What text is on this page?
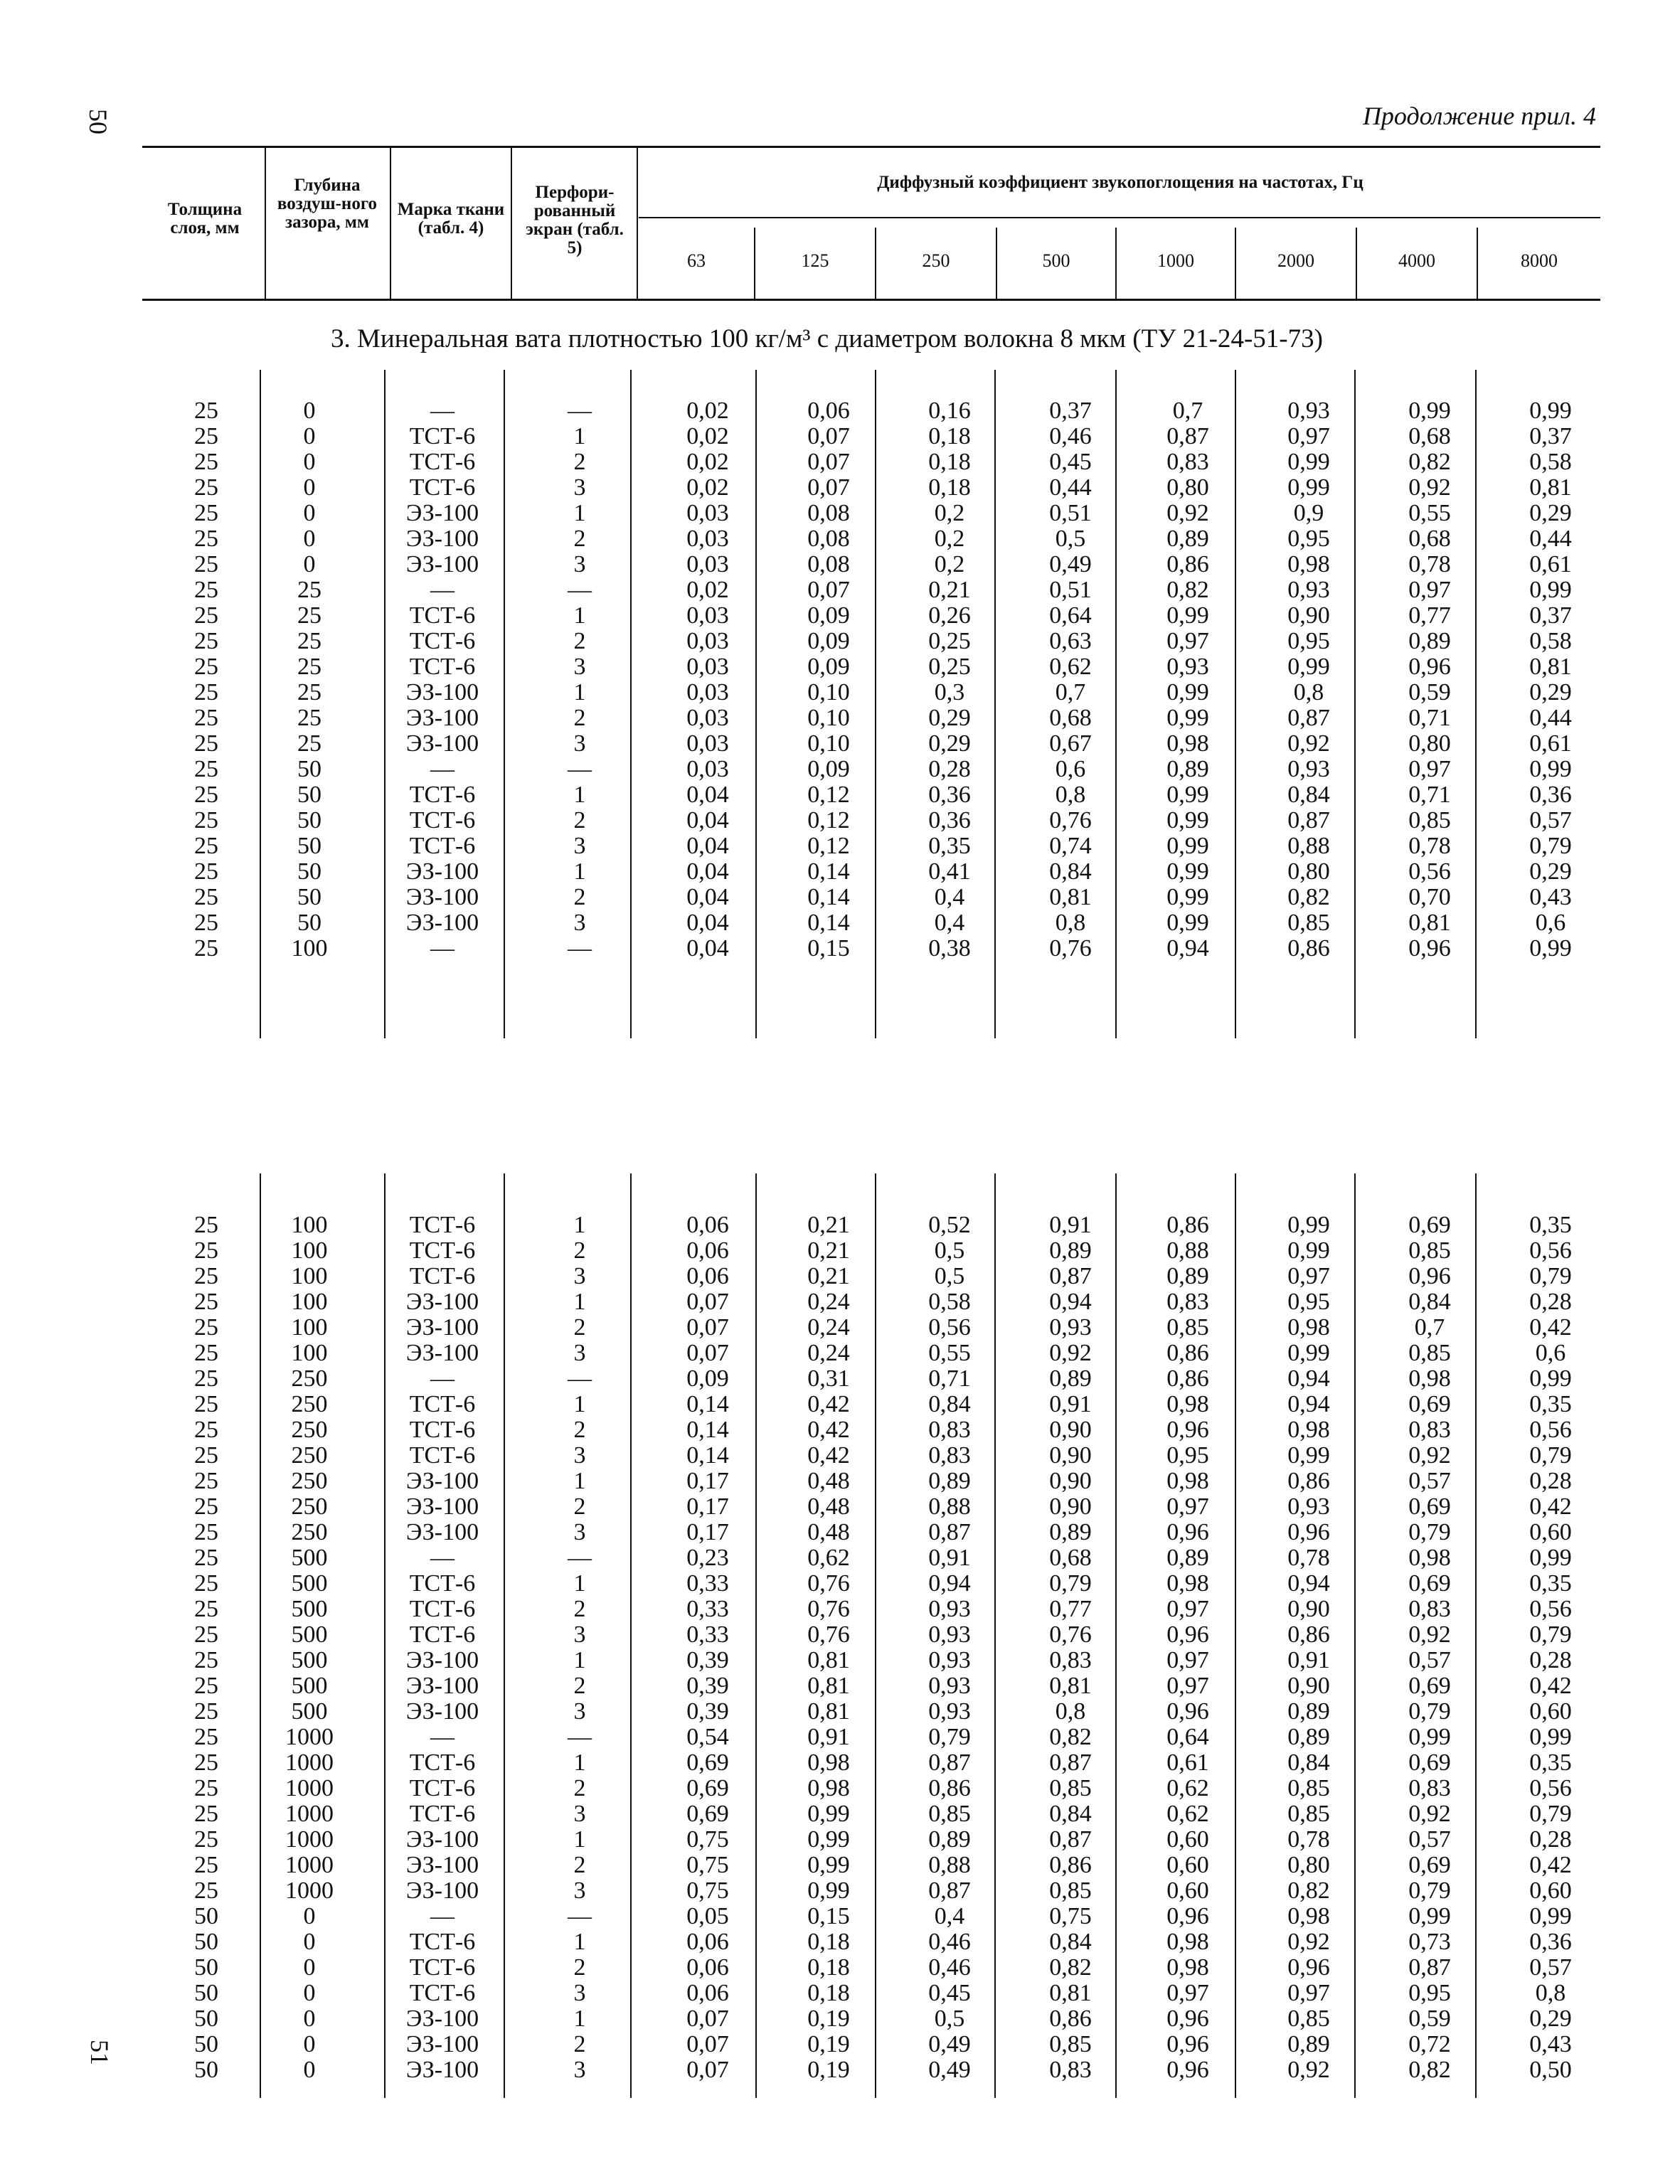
50
51
Продолжение прил. 4
Толщина слоя, мм
Глубина воздуш-ного зазора, мм
Марка ткани (табл. 4)
Перфори-рованный экран (табл. 5)
Диффузный коэффициент звукопоглощения на частотах, Гц
63	125	250	500	1000	2000	4000	8000
3. Минеральная вата плотностью 100 кг/м³ с диаметром волокна 8 мкм (ТУ 21-24-51-73)
25	0	—	—	0,02	0,06	0,16	0,37	0,7	0,93	0,99	0,99
25	0	ТСТ-6	1	0,02	0,07	0,18	0,46	0,87	0,97	0,68	0,37
25	0	ТСТ-6	2	0,02	0,07	0,18	0,45	0,83	0,99	0,82	0,58
25	0	ТСТ-6	3	0,02	0,07	0,18	0,44	0,80	0,99	0,92	0,81
25	0	ЭЗ-100	1	0,03	0,08	0,2	0,51	0,92	0,9	0,55	0,29
25	0	ЭЗ-100	2	0,03	0,08	0,2	0,5	0,89	0,95	0,68	0,44
25	0	ЭЗ-100	3	0,03	0,08	0,2	0,49	0,86	0,98	0,78	0,61
25	25	—	—	0,02	0,07	0,21	0,51	0,82	0,93	0,97	0,99
25	25	ТСТ-6	1	0,03	0,09	0,26	0,64	0,99	0,90	0,77	0,37
25	25	ТСТ-6	2	0,03	0,09	0,25	0,63	0,97	0,95	0,89	0,58
25	25	ТСТ-6	3	0,03	0,09	0,25	0,62	0,93	0,99	0,96	0,81
25	25	ЭЗ-100	1	0,03	0,10	0,3	0,7	0,99	0,8	0,59	0,29
25	25	ЭЗ-100	2	0,03	0,10	0,29	0,68	0,99	0,87	0,71	0,44
25	25	ЭЗ-100	3	0,03	0,10	0,29	0,67	0,98	0,92	0,80	0,61
25	50	—	—	0,03	0,09	0,28	0,6	0,89	0,93	0,97	0,99
25	50	ТСТ-6	1	0,04	0,12	0,36	0,8	0,99	0,84	0,71	0,36
25	50	ТСТ-6	2	0,04	0,12	0,36	0,76	0,99	0,87	0,85	0,57
25	50	ТСТ-6	3	0,04	0,12	0,35	0,74	0,99	0,88	0,78	0,79
25	50	ЭЗ-100	1	0,04	0,14	0,41	0,84	0,99	0,80	0,56	0,29
25	50	ЭЗ-100	2	0,04	0,14	0,4	0,81	0,99	0,82	0,70	0,43
25	50	ЭЗ-100	3	0,04	0,14	0,4	0,8	0,99	0,85	0,81	0,6
25	100	—	—	0,04	0,15	0,38	0,76	0,94	0,86	0,96	0,99
25	100	ТСТ-6	1	0,06	0,21	0,52	0,91	0,86	0,99	0,69	0,35
25	100	ТСТ-6	2	0,06	0,21	0,5	0,89	0,88	0,99	0,85	0,56
25	100	ТСТ-6	3	0,06	0,21	0,5	0,87	0,89	0,97	0,96	0,79
25	100	ЭЗ-100	1	0,07	0,24	0,58	0,94	0,83	0,95	0,84	0,28
25	100	ЭЗ-100	2	0,07	0,24	0,56	0,93	0,85	0,98	0,7	0,42
25	100	ЭЗ-100	3	0,07	0,24	0,55	0,92	0,86	0,99	0,85	0,6
25	250	—	—	0,09	0,31	0,71	0,89	0,86	0,94	0,98	0,99
25	250	ТСТ-6	1	0,14	0,42	0,84	0,91	0,98	0,94	0,69	0,35
25	250	ТСТ-6	2	0,14	0,42	0,83	0,90	0,96	0,98	0,83	0,56
25	250	ТСТ-6	3	0,14	0,42	0,83	0,90	0,95	0,99	0,92	0,79
25	250	ЭЗ-100	1	0,17	0,48	0,89	0,90	0,98	0,86	0,57	0,28
25	250	ЭЗ-100	2	0,17	0,48	0,88	0,90	0,97	0,93	0,69	0,42
25	250	ЭЗ-100	3	0,17	0,48	0,87	0,89	0,96	0,96	0,79	0,60
25	500	—	—	0,23	0,62	0,91	0,68	0,89	0,78	0,98	0,99
25	500	ТСТ-6	1	0,33	0,76	0,94	0,79	0,98	0,94	0,69	0,35
25	500	ТСТ-6	2	0,33	0,76	0,93	0,77	0,97	0,90	0,83	0,56
25	500	ТСТ-6	3	0,33	0,76	0,93	0,76	0,96	0,86	0,92	0,79
25	500	ЭЗ-100	1	0,39	0,81	0,93	0,83	0,97	0,91	0,57	0,28
25	500	ЭЗ-100	2	0,39	0,81	0,93	0,81	0,97	0,90	0,69	0,42
25	500	ЭЗ-100	3	0,39	0,81	0,93	0,8	0,96	0,89	0,79	0,60
25	1000	—	—	0,54	0,91	0,79	0,82	0,64	0,89	0,99	0,99
25	1000	ТСТ-6	1	0,69	0,98	0,87	0,87	0,61	0,84	0,69	0,35
25	1000	ТСТ-6	2	0,69	0,98	0,86	0,85	0,62	0,85	0,83	0,56
25	1000	ТСТ-6	3	0,69	0,99	0,85	0,84	0,62	0,85	0,92	0,79
25	1000	ЭЗ-100	1	0,75	0,99	0,89	0,87	0,60	0,78	0,57	0,28
25	1000	ЭЗ-100	2	0,75	0,99	0,88	0,86	0,60	0,80	0,69	0,42
25	1000	ЭЗ-100	3	0,75	0,99	0,87	0,85	0,60	0,82	0,79	0,60
50	0	—	—	0,05	0,15	0,4	0,75	0,96	0,98	0,99	0,99
50	0	ТСТ-6	1	0,06	0,18	0,46	0,84	0,98	0,92	0,73	0,36
50	0	ТСТ-6	2	0,06	0,18	0,46	0,82	0,98	0,96	0,87	0,57
50	0	ТСТ-6	3	0,06	0,18	0,45	0,81	0,97	0,97	0,95	0,8
50	0	ЭЗ-100	1	0,07	0,19	0,5	0,86	0,96	0,85	0,59	0,29
50	0	ЭЗ-100	2	0,07	0,19	0,49	0,85	0,96	0,89	0,72	0,43
50	0	ЭЗ-100	3	0,07	0,19	0,49	0,83	0,96	0,92	0,82	0,50
